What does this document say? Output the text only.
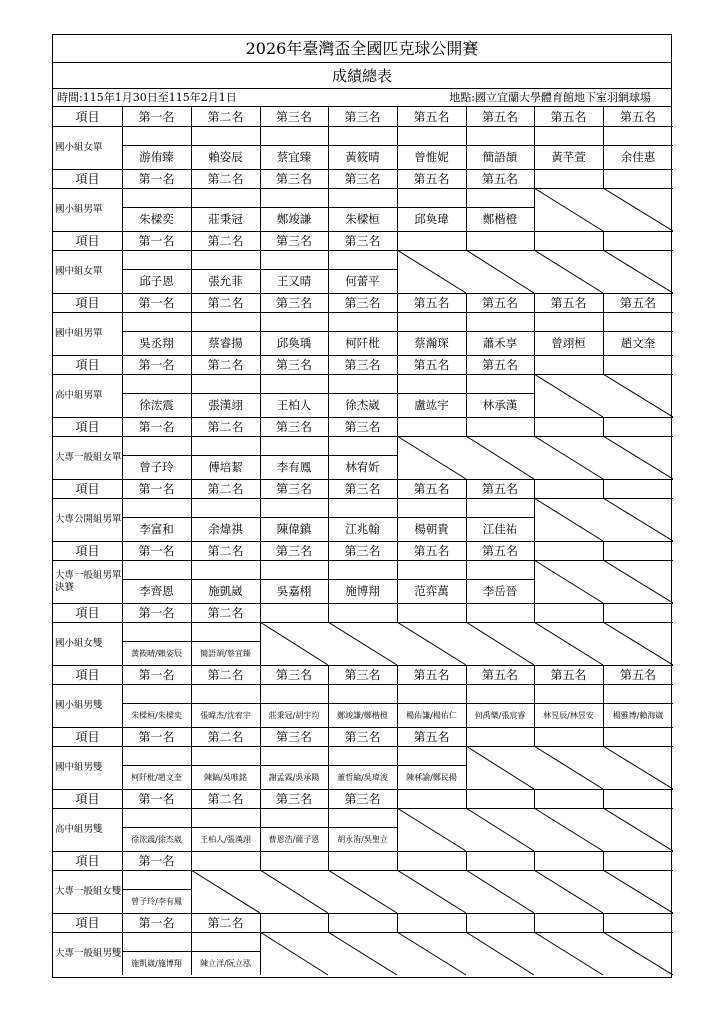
2026年臺灣盃全國匹克球公開賽
成績總表
時間:115年1月30日至115年2月1日	地點:國立宜蘭大學體育館地下室羽網球場
項目	第一名	第二名	第三名	第三名	第五名	第五名	第五名	第五名
國小組女單
游侑臻	賴姿辰	蔡宜臻	黃筱晴	曾惟妮	簡語頡	黃芊萱	余佳惠
項目	第一名	第二名	第三名	第三名	第五名	第五名
國小組男單
朱樑奕	莊秉冠	鄭竣謙	朱樑桓	邱奐瑋	鄭楷橙
項目	第一名	第二名	第三名	第三名
國中組女單
邱子恩	張允菲	王又晴	何蕾平
項目	第一名	第二名	第三名	第三名	第五名	第五名	第五名	第五名
國中組男單
吳丞翔	蔡睿揚	邱奐瑀	柯阡枇	蔡瀚琛	蕭禾享	曾翊桓	趙文奎
項目	第一名	第二名	第三名	第三名	第五名	第五名
高中組男單
徐浤震	張漢翊	王柏人	徐杰崴	盧竑宇	林承漢
項目	第一名	第二名	第三名	第三名
大專一般組女單
曾子玲	傅培絜	李有鳳	林宥妡
項目	第一名	第二名	第三名	第三名	第五名	第五名
大專公開組男單
李富和	余煒祺	陳偉鎮	江兆翰	楊朝貴	江佳祐
項目	第一名	第二名	第三名	第三名	第五名	第五名
大專一般組男單決賽	李齊恩	施凱崴	吳嘉栩	施博翔	范弈萬	李岳晉
項目	第一名	第二名
國小組女雙
黃筱晴/賴姿辰	簡語頡/蔡宜臻
項目	第一名	第二名	第三名	第三名	第五名	第五名	第五名	第五名
國小組男雙
朱樑桓/朱樑奕	張暐杰/沈宥宇	莊秉冠/胡宇均	鄭竣謙/鄭楷橙	楊佑謙/楊佑仁	何禹樂/張宸睿	林昱辰/林昱安	楊雅博/賴海崴
項目	第一名	第二名	第三名	第三名	第五名
國中組男雙
柯阡枇/趙文奎	陳鎬/吳唯銘	謝孟霖/吳承陽	董哲綸/吳瑋浚	陳秝諭/鄭民揚
項目	第一名	第二名	第三名	第三名
高中組男雙
徐浤震/徐杰崴	王柏人/張漢翊	曹恩浩/薩子恩	胡永洧/吳聖立
項目	第一名
大專一般組女雙
曾子玲/李有鳳
項目	第一名	第二名
大專一般組男雙
施凱崴/施博翔	陳立洋/阮立泓
